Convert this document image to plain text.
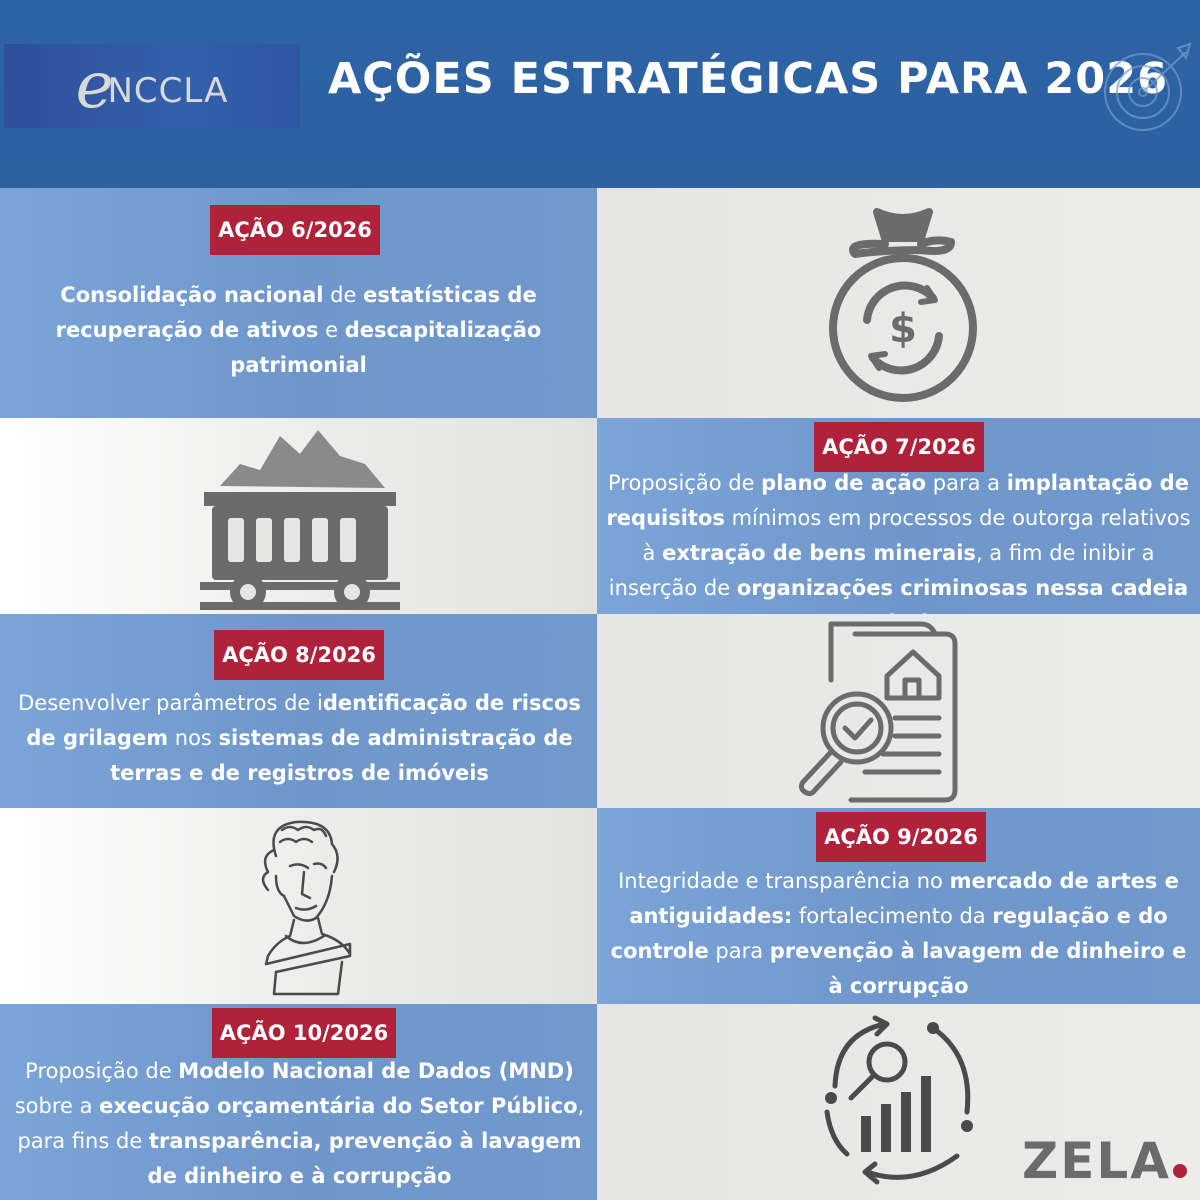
e
NCCLA AÇÕES ESTRATÉGICAS PARA 2026
AÇÃO 6/2026
Consolidação nacional de estatísticas de recuperação de ativos e descapitalização patrimonial
$
AÇÃO 7/2026
Proposição de plano de ação para a implantação de requisitos mínimos em processos de outorga relativos à extração de bens minerais, a fim de inibir a inserção de organizações criminosas nessa cadeia
AÇÃO 8/2026
Desenvolver parâmetros de identificação de riscos de grilagem nos sistemas de administração de terras e de registros de imóveis
AÇÃO 9/2026
Integridade e transparência no mercado de artes e antiguidades: fortalecimento da regulação e do controle para prevenção à lavagem de dinheiro e à corrupção
AÇÃO 10/2026
Proposição de Modelo Nacional de Dados (MND) sobre a execução orçamentária do Setor Público, para fins de transparência, prevenção à lavagem de dinheiro e à corrupção	ZELA
